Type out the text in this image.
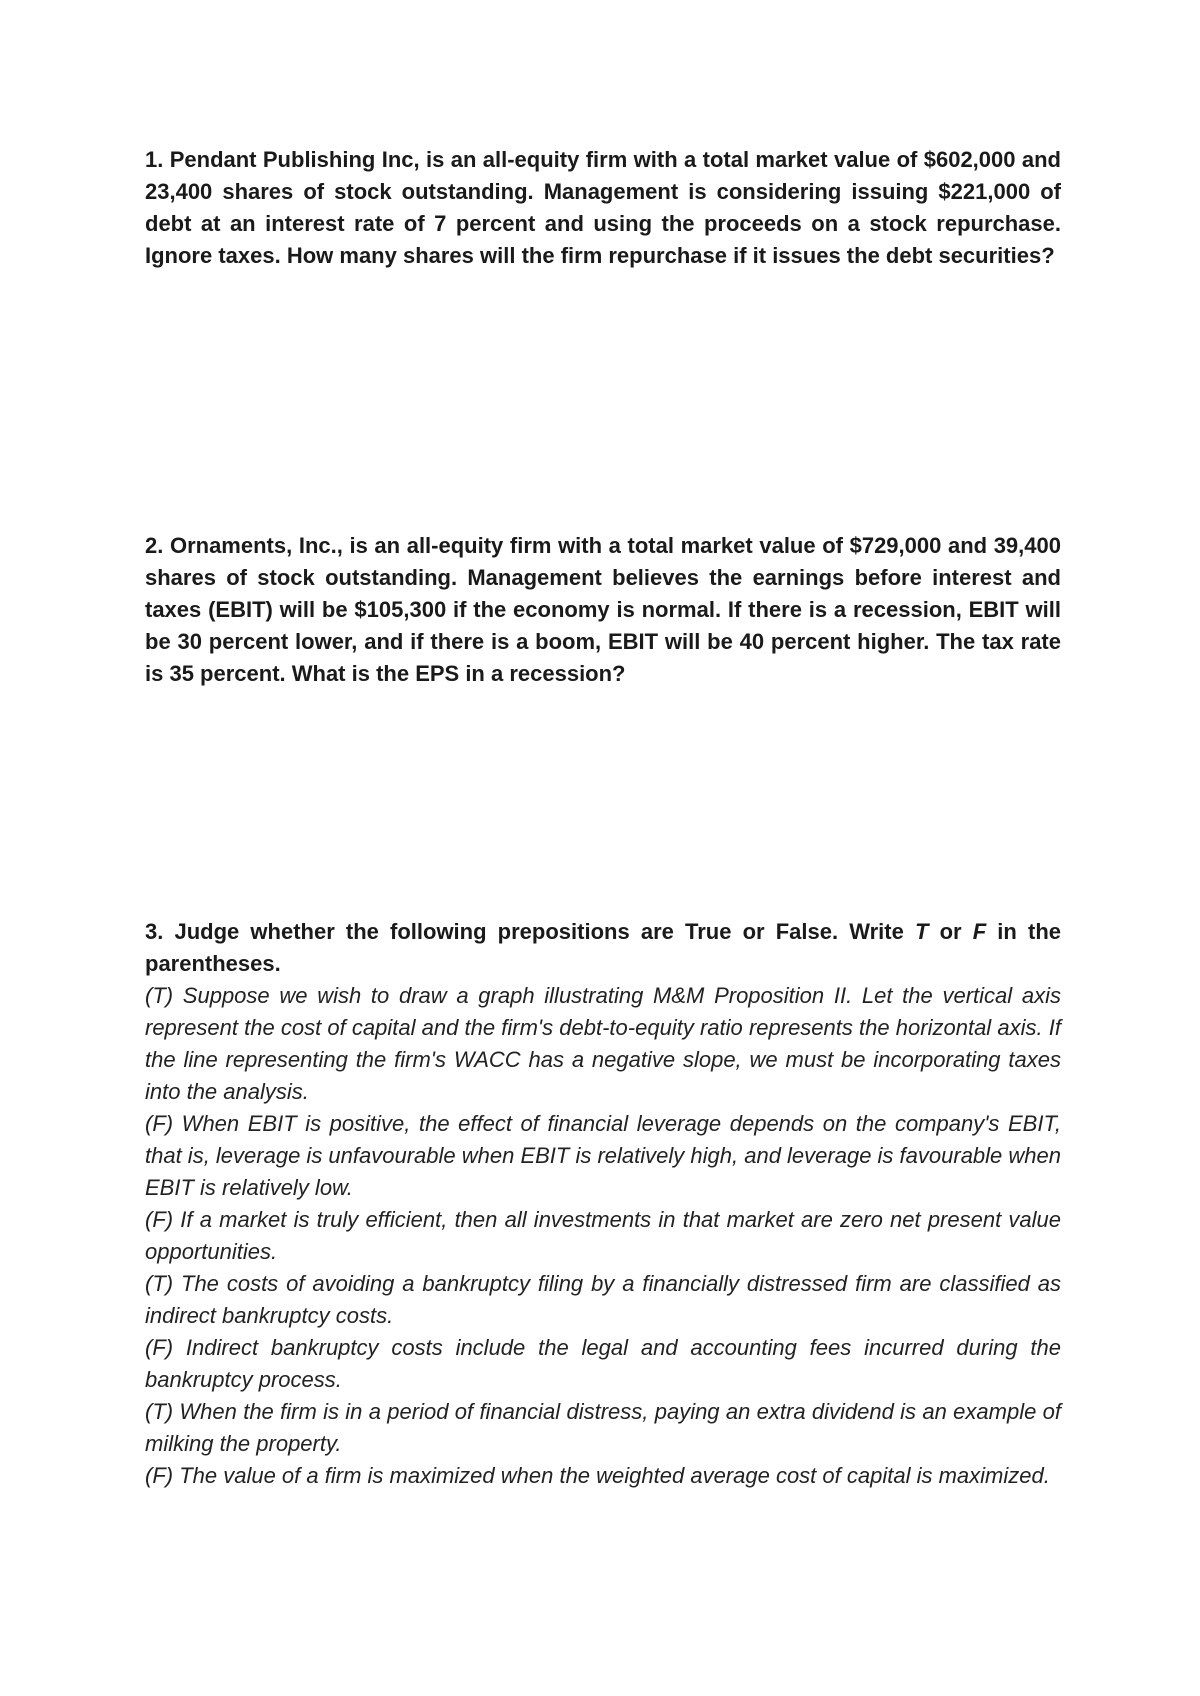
1. Pendant Publishing Inc, is an all-equity firm with a total market value of $602,000 and 23,400 shares of stock outstanding. Management is considering issuing $221,000 of debt at an interest rate of 7 percent and using the proceeds on a stock repurchase. Ignore taxes. How many shares will the firm repurchase if it issues the debt securities?
2. Ornaments, Inc., is an all-equity firm with a total market value of $729,000 and 39,400 shares of stock outstanding. Management believes the earnings before interest and taxes (EBIT) will be $105,300 if the economy is normal. If there is a recession, EBIT will be 30 percent lower, and if there is a boom, EBIT will be 40 percent higher. The tax rate is 35 percent. What is the EPS in a recession?
3. Judge whether the following prepositions are True or False. Write T or F in the parentheses.
(T) Suppose we wish to draw a graph illustrating M&M Proposition II. Let the vertical axis represent the cost of capital and the firm's debt-to-equity ratio represents the horizontal axis. If the line representing the firm's WACC has a negative slope, we must be incorporating taxes into the analysis.
(F) When EBIT is positive, the effect of financial leverage depends on the company's EBIT, that is, leverage is unfavourable when EBIT is relatively high, and leverage is favourable when EBIT is relatively low.
(F) If a market is truly efficient, then all investments in that market are zero net present value opportunities.
(T) The costs of avoiding a bankruptcy filing by a financially distressed firm are classified as indirect bankruptcy costs.
(F) Indirect bankruptcy costs include the legal and accounting fees incurred during the bankruptcy process.
(T) When the firm is in a period of financial distress, paying an extra dividend is an example of milking the property.
(F) The value of a firm is maximized when the weighted average cost of capital is maximized.
